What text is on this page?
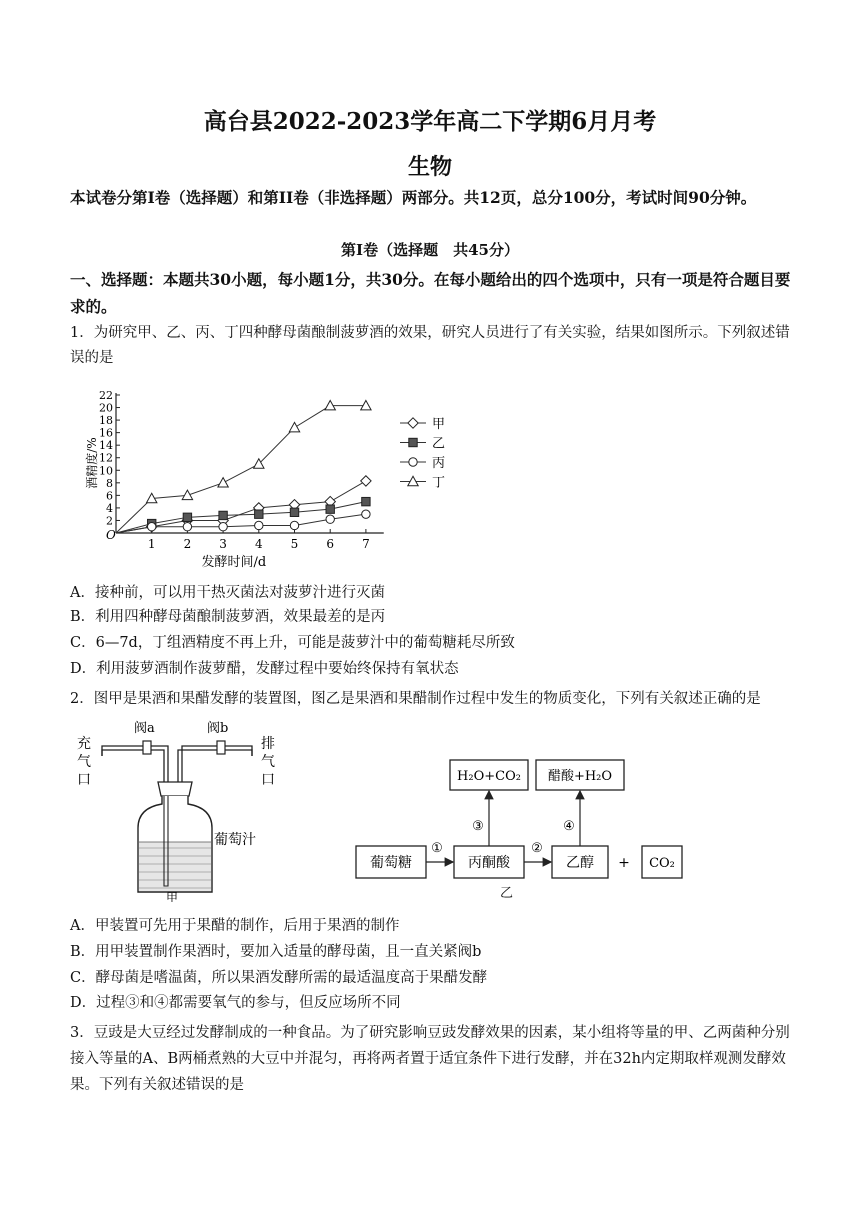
高台县2022-2023学年高二下学期6月月考
生物
本试卷分第I卷（选择题）和第II卷（非选择题）两部分。共12页，总分100分，考试时间90分钟。
第I卷（选择题　共45分）
一、选择题：本题共30小题，每小题1分，共30分。在每小题给出的四个选项中，只有一项是符合题目要求的。
1．为研究甲、乙、丙、丁四种酵母菌酿制菠萝酒的效果，研究人员进行了有关实验，结果如图所示。下列叙述错误的是
O
2
4
6
8
10
12
14
16
18
20
22
1 2 3 4 5 6 7
发酵时间/d
酒精度/%
甲
乙
丙
丁
A．接种前，可以用干热灭菌法对菠萝汁进行灭菌
B．利用四种酵母菌酿制菠萝酒，效果最差的是丙
C．6—7d，丁组酒精度不再上升，可能是菠萝汁中的葡萄糖耗尽所致
D．利用菠萝酒制作菠萝醋，发酵过程中要始终保持有氧状态
2．图甲是果酒和果醋发酵的装置图，图乙是果酒和果醋制作过程中发生的物质变化，下列有关叙述正确的是
充
气
口
排
气
口
阀a	阀b
葡萄汁
甲
H₂O+CO₂ 醋酸+H₂O
葡萄糖	丙酮酸	乙醇 + CO₂
①	②
③	④
乙
A．甲装置可先用于果醋的制作，后用于果酒的制作
B．用甲装置制作果酒时，要加入适量的酵母菌，且一直关紧阀b
C．酵母菌是嗜温菌，所以果酒发酵所需的最适温度高于果醋发酵
D．过程③和④都需要氧气的参与，但反应场所不同
3．豆豉是大豆经过发酵制成的一种食品。为了研究影响豆豉发酵效果的因素，某小组将等量的甲、乙两菌种分别接入等量的A、B两桶煮熟的大豆中并混匀，再将两者置于适宜条件下进行发酵，并在32h内定期取样观测发酵效果。下列有关叙述错误的是
